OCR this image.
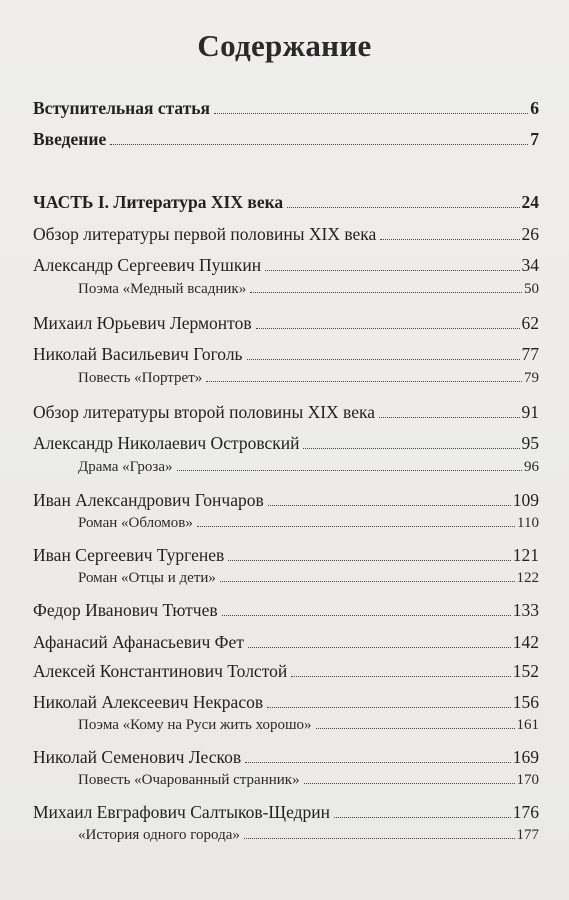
Содержание
Вступительная статья	6
Введение	7
ЧАСТЬ I. Литература XIX века	24
Обзор литературы первой половины XIX века	26
Александр Сергеевич Пушкин	34
Поэма «Медный всадник»	50
Михаил Юрьевич Лермонтов	62
Николай Васильевич Гоголь	77
Повесть «Портрет»	79
Обзор литературы второй половины XIX века	91
Александр Николаевич Островский	95
Драма «Гроза»	96
Иван Александрович Гончаров	109
Роман «Обломов»	110
Иван Сергеевич Тургенев	121
Роман «Отцы и дети»	122
Федор Иванович Тютчев	133
Афанасий Афанасьевич Фет	142
Алексей Константинович Толстой	152
Николай Алексеевич Некрасов	156
Поэма «Кому на Руси жить хорошо»	161
Николай Семенович Лесков	169
Повесть «Очарованный странник»	170
Михаил Евграфович Салтыков-Щедрин	176
«История одного города»	177
